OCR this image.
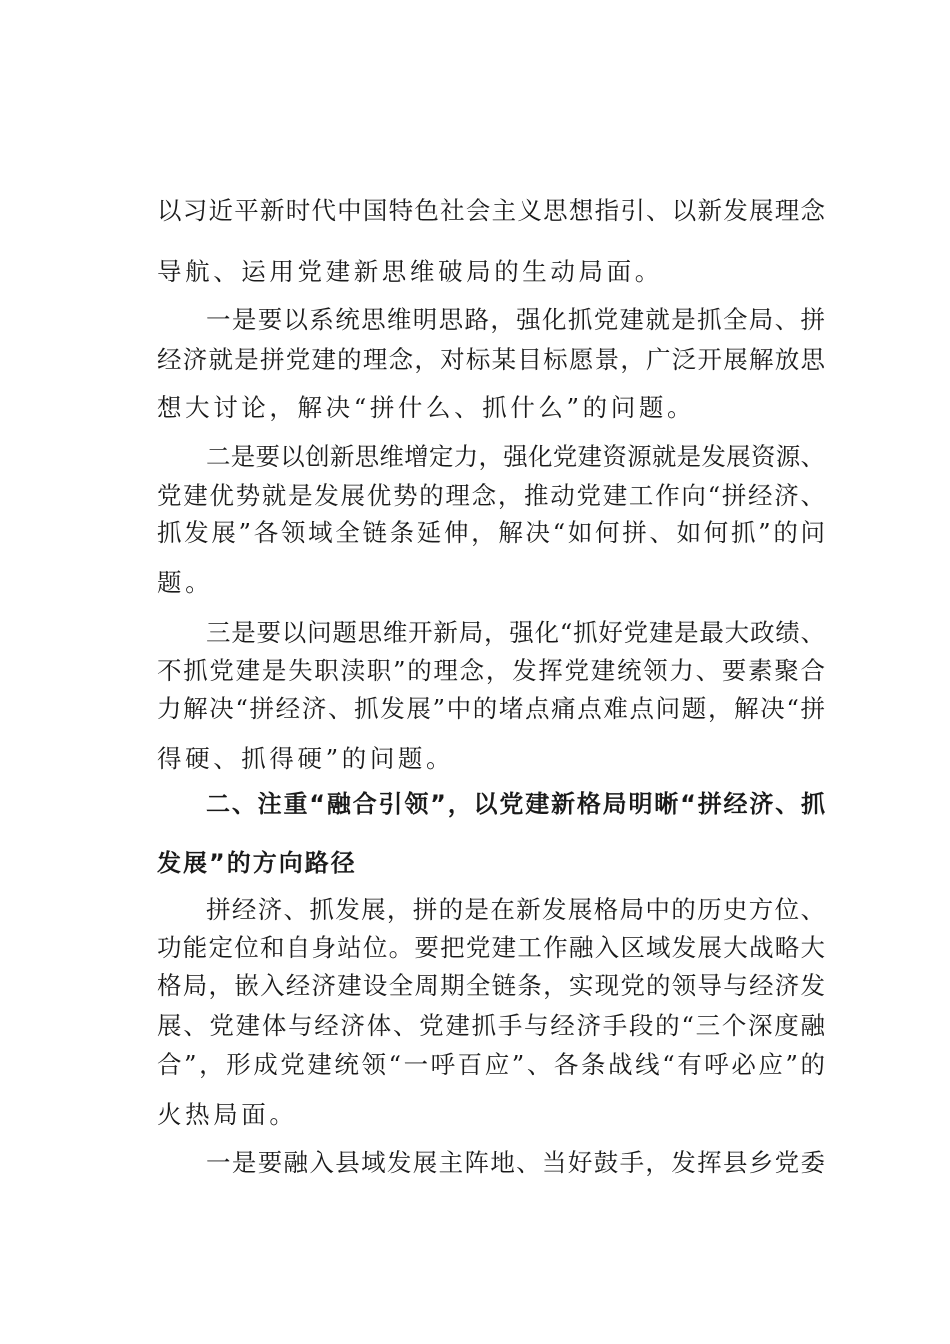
以习近平新时代中国特色社会主义思想指引、以新发展理念
导航、运用党建新思维破局的生动局面。
一是要以系统思维明思路，强化抓党建就是抓全局、拼
经济就是拼党建的理念，对标某目标愿景，广泛开展解放思
想大讨论，解决“拼什么、抓什么”的问题。
二是要以创新思维增定力，强化党建资源就是发展资源、
党建优势就是发展优势的理念，推动党建工作向“拼经济、
抓发展”各领域全链条延伸，解决“如何拼、如何抓”的问
题。
三是要以问题思维开新局，强化“抓好党建是最大政绩、
不抓党建是失职渎职”的理念，发挥党建统领力、要素聚合
力解决“拼经济、抓发展”中的堵点痛点难点问题，解决“拼
得硬、抓得硬”的问题。
二、注重“融合引领”，以党建新格局明晰“拼经济、抓
发展”的方向路径
拼经济、抓发展，拼的是在新发展格局中的历史方位、
功能定位和自身站位。要把党建工作融入区域发展大战略大
格局，嵌入经济建设全周期全链条，实现党的领导与经济发
展、党建体与经济体、党建抓手与经济手段的“三个深度融
合”，形成党建统领“一呼百应”、各条战线“有呼必应”的
火热局面。
一是要融入县域发展主阵地、当好鼓手，发挥县乡党委
